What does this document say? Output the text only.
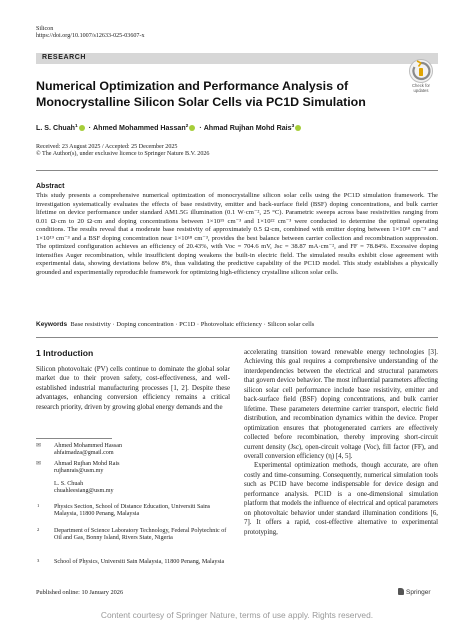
Silicon
https://doi.org/10.1007/s12633-025-03607-x
RESEARCH
Check for
updates
Numerical Optimization and Performance Analysis of Monocrystalline Silicon Solar Cells via PC1D Simulation
L. S. Chuah$^1$ · Ahmed Mohammed Hassan$^2$ · Ahmad Rujhan Mohd Rais$^3$
Received: 23 August 2025 / Accepted: 25 December 2025
© The Author(s), under exclusive licence to Springer Nature B.V. 2026
Abstract
This study presents a comprehensive numerical optimization of monocrystalline silicon solar cells using the PC1D simulation framework. The investigation systematically evaluates the effects of base resistivity, emitter and back-surface field (BSF) doping concentrations, and bulk carrier lifetime on device performance under standard AM1.5G illumination (0.1 W·cm⁻², 25 °C). Parametric sweeps across base resistivities ranging from 0.01 Ω·cm to 20 Ω·cm and doping concentrations between 1×10¹⁵ cm⁻³ and 1×10²² cm⁻³ were conducted to determine the optimal operating conditions. The results reveal that a moderate base resistivity of approximately 0.5 Ω·cm, combined with emitter doping between 1×10¹⁸ cm⁻³ and 1×10¹⁹ cm⁻³ and a BSF doping concentration near 1×10¹⁸ cm⁻³, provides the best balance between carrier collection and recombination suppression. The optimized configuration achieves an efficiency of 20.43%, with Voc = 704.6 mV, Jsc = 38.87 mA·cm⁻², and FF = 78.84%. Excessive doping intensifies Auger recombination, while insufficient doping weakens the built-in electric field. The simulated results exhibit close agreement with experimental data, showing deviations below 8%, thus validating the predictive capability of the PC1D model. This study establishes a physically grounded and experimentally reproducible framework for optimizing high-efficiency crystalline silicon solar cells.
Keywords Base resistivity · Doping concentration · PC1D · Photovoltaic efficiency · Silicon solar cells
1 Introduction
Silicon photovoltaic (PV) cells continue to dominate the global solar market due to their proven safety, cost-effectiveness, and well-established industrial manufacturing processes [1, 2]. Despite these advantages, enhancing conversion efficiency remains a critical research priority, driven by growing global energy demands and the

accelerating transition toward renewable energy technologies [3]. Achieving this goal requires a comprehensive understanding of the interdependencies between the electrical and structural parameters that govern device behavior. The most influential parameters affecting silicon solar cell performance include base resistivity, emitter and back-surface field (BSF) doping concentrations, and bulk carrier lifetime. These parameters determine carrier transport, electric field distribution, and recombination dynamics within the device. Proper optimization ensures that photogenerated carriers are effectively collected before recombination, thereby improving short-circuit current density (Jsc), open-circuit voltage (Voc), fill factor (FF), and overall conversion efficiency (η) [4, 5].

Experimental optimization methods, though accurate, are often costly and time-consuming. Consequently, numerical simulation tools such as PC1D have become indispensable for device design and performance analysis. PC1D is a one-dimensional simulation platform that models the influence of electrical and optical parameters on photovoltaic behavior under standard illumination conditions [6, 7]. It offers a rapid, cost-effective alternative to experimental prototyping,

✉	Ahmed Mohammed Hassan
ahfaimadza@gmail.com
✉	Ahmad Rujhan Mohd Rais
rujhanrais@usm.my
L. S. Chuah
chuahleesiang@usm.my
1	Physics Section, School of Distance Education, Universiti Sains Malaysia, 11800 Penang, Malaysia
2	Department of Science Laboratory Technology, Federal Polytechnic of Oil and Gas, Bonny Island, Rivers State, Nigeria
3	School of Physics, Universiti Sain Malaysia, 11800 Penang, Malaysia
Published online: 10 January 2026	Springer
Content courtesy of Springer Nature, terms of use apply. Rights reserved.
